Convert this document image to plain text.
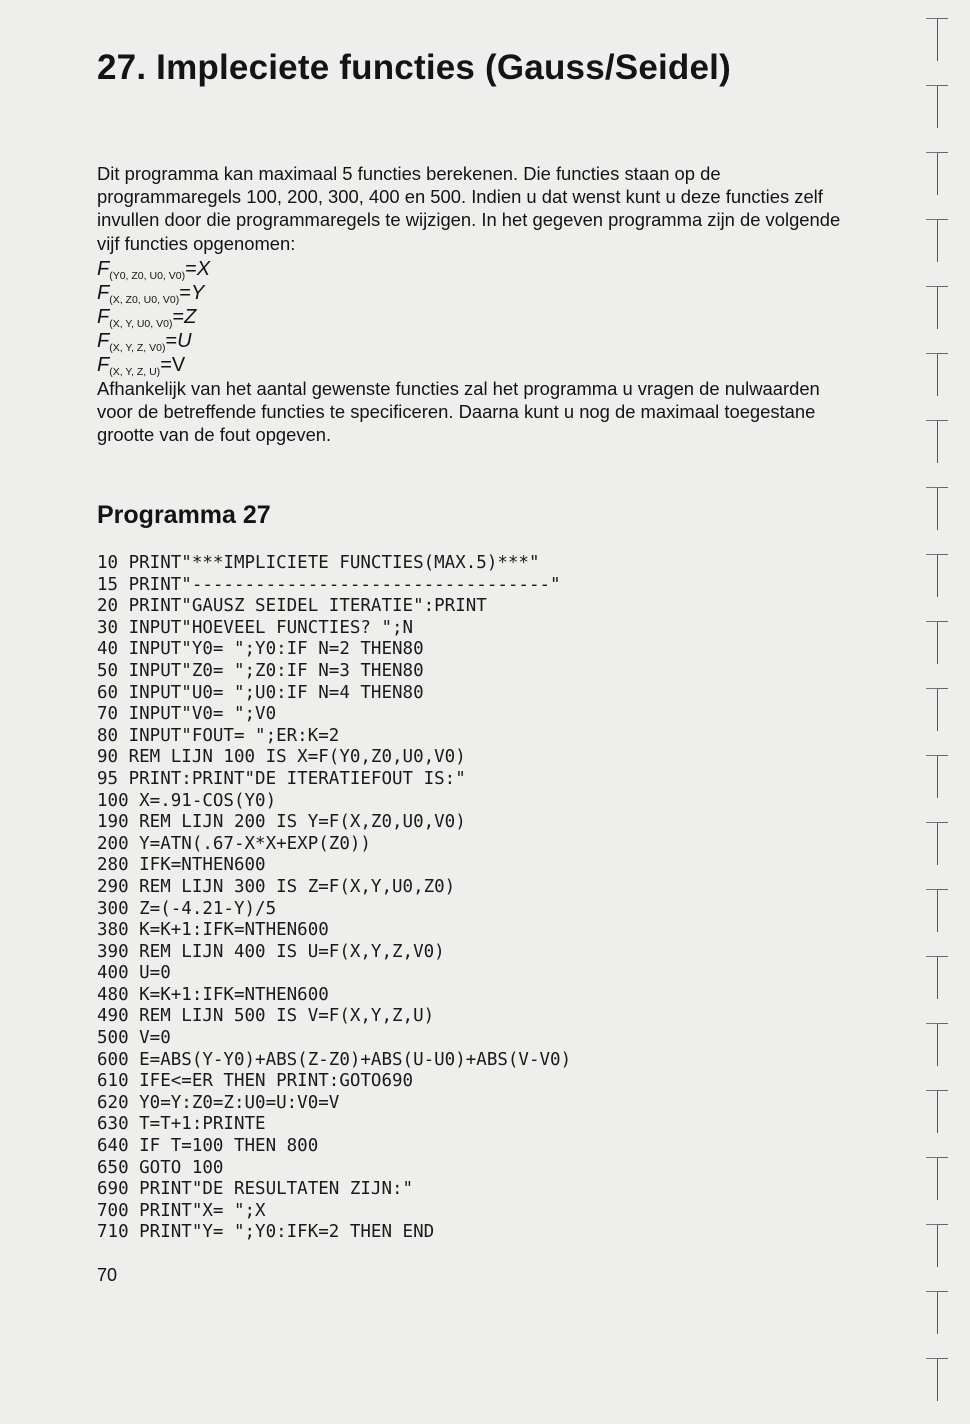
27. Impleciete functies (Gauss/Seidel)

Dit programma kan maximaal 5 functies berekenen. Die functies staan op de programmaregels 100, 200, 300, 400 en 500. Indien u dat wenst kunt u deze functies zelf invullen door die programmaregels te wijzigen. In het gegeven programma zijn de volgende vijf functies opgenomen:

$F_{(Y0, Z0, U0, V0)}=X$
$F_{(X, Z0, U0, V0)}=Y$
$F_{(X, Y, U0, V0)}=Z$
$F_{(X, Y, Z, V0)}=U$
$F_{(X, Y, Z, U)}=V$

Afhankelijk van het aantal gewenste functies zal het programma u vragen de nulwaarden voor de betreffende functies te specificeren. Daarna kunt u nog de maximaal toegestane grootte van de fout opgeven.

Programma 27
10 PRINT"***IMPLICIETE FUNCTIES(MAX.5)***"
15 PRINT"----------------------------------"
20 PRINT"GAUSZ SEIDEL ITERATIE":PRINT
30 INPUT"HOEVEEL FUNCTIES? ";N
40 INPUT"Y0= ";Y0:IF N=2 THEN80
50 INPUT"Z0= ";Z0:IF N=3 THEN80
60 INPUT"U0= ";U0:IF N=4 THEN80
70 INPUT"V0= ";V0
80 INPUT"FOUT= ";ER:K=2
90 REM LIJN 100 IS X=F(Y0,Z0,U0,V0)
95 PRINT:PRINT"DE ITERATIEFOUT IS:"
100 X=.91-COS(Y0)
190 REM LIJN 200 IS Y=F(X,Z0,U0,V0)
200 Y=ATN(.67-X*X+EXP(Z0))
280 IFK=NTHEN600
290 REM LIJN 300 IS Z=F(X,Y,U0,Z0)
300 Z=(-4.21-Y)/5
380 K=K+1:IFK=NTHEN600
390 REM LIJN 400 IS U=F(X,Y,Z,V0)
400 U=0
480 K=K+1:IFK=NTHEN600
490 REM LIJN 500 IS V=F(X,Y,Z,U)
500 V=0
600 E=ABS(Y-Y0)+ABS(Z-Z0)+ABS(U-U0)+ABS(V-V0)
610 IFE<=ER THEN PRINT:GOTO690
620 Y0=Y:Z0=Z:U0=U:V0=V
630 T=T+1:PRINTE
640 IF T=100 THEN 800
650 GOTO 100
690 PRINT"DE RESULTATEN ZIJN:"
700 PRINT"X= ";X
710 PRINT"Y= ";Y0:IFK=2 THEN END
70
